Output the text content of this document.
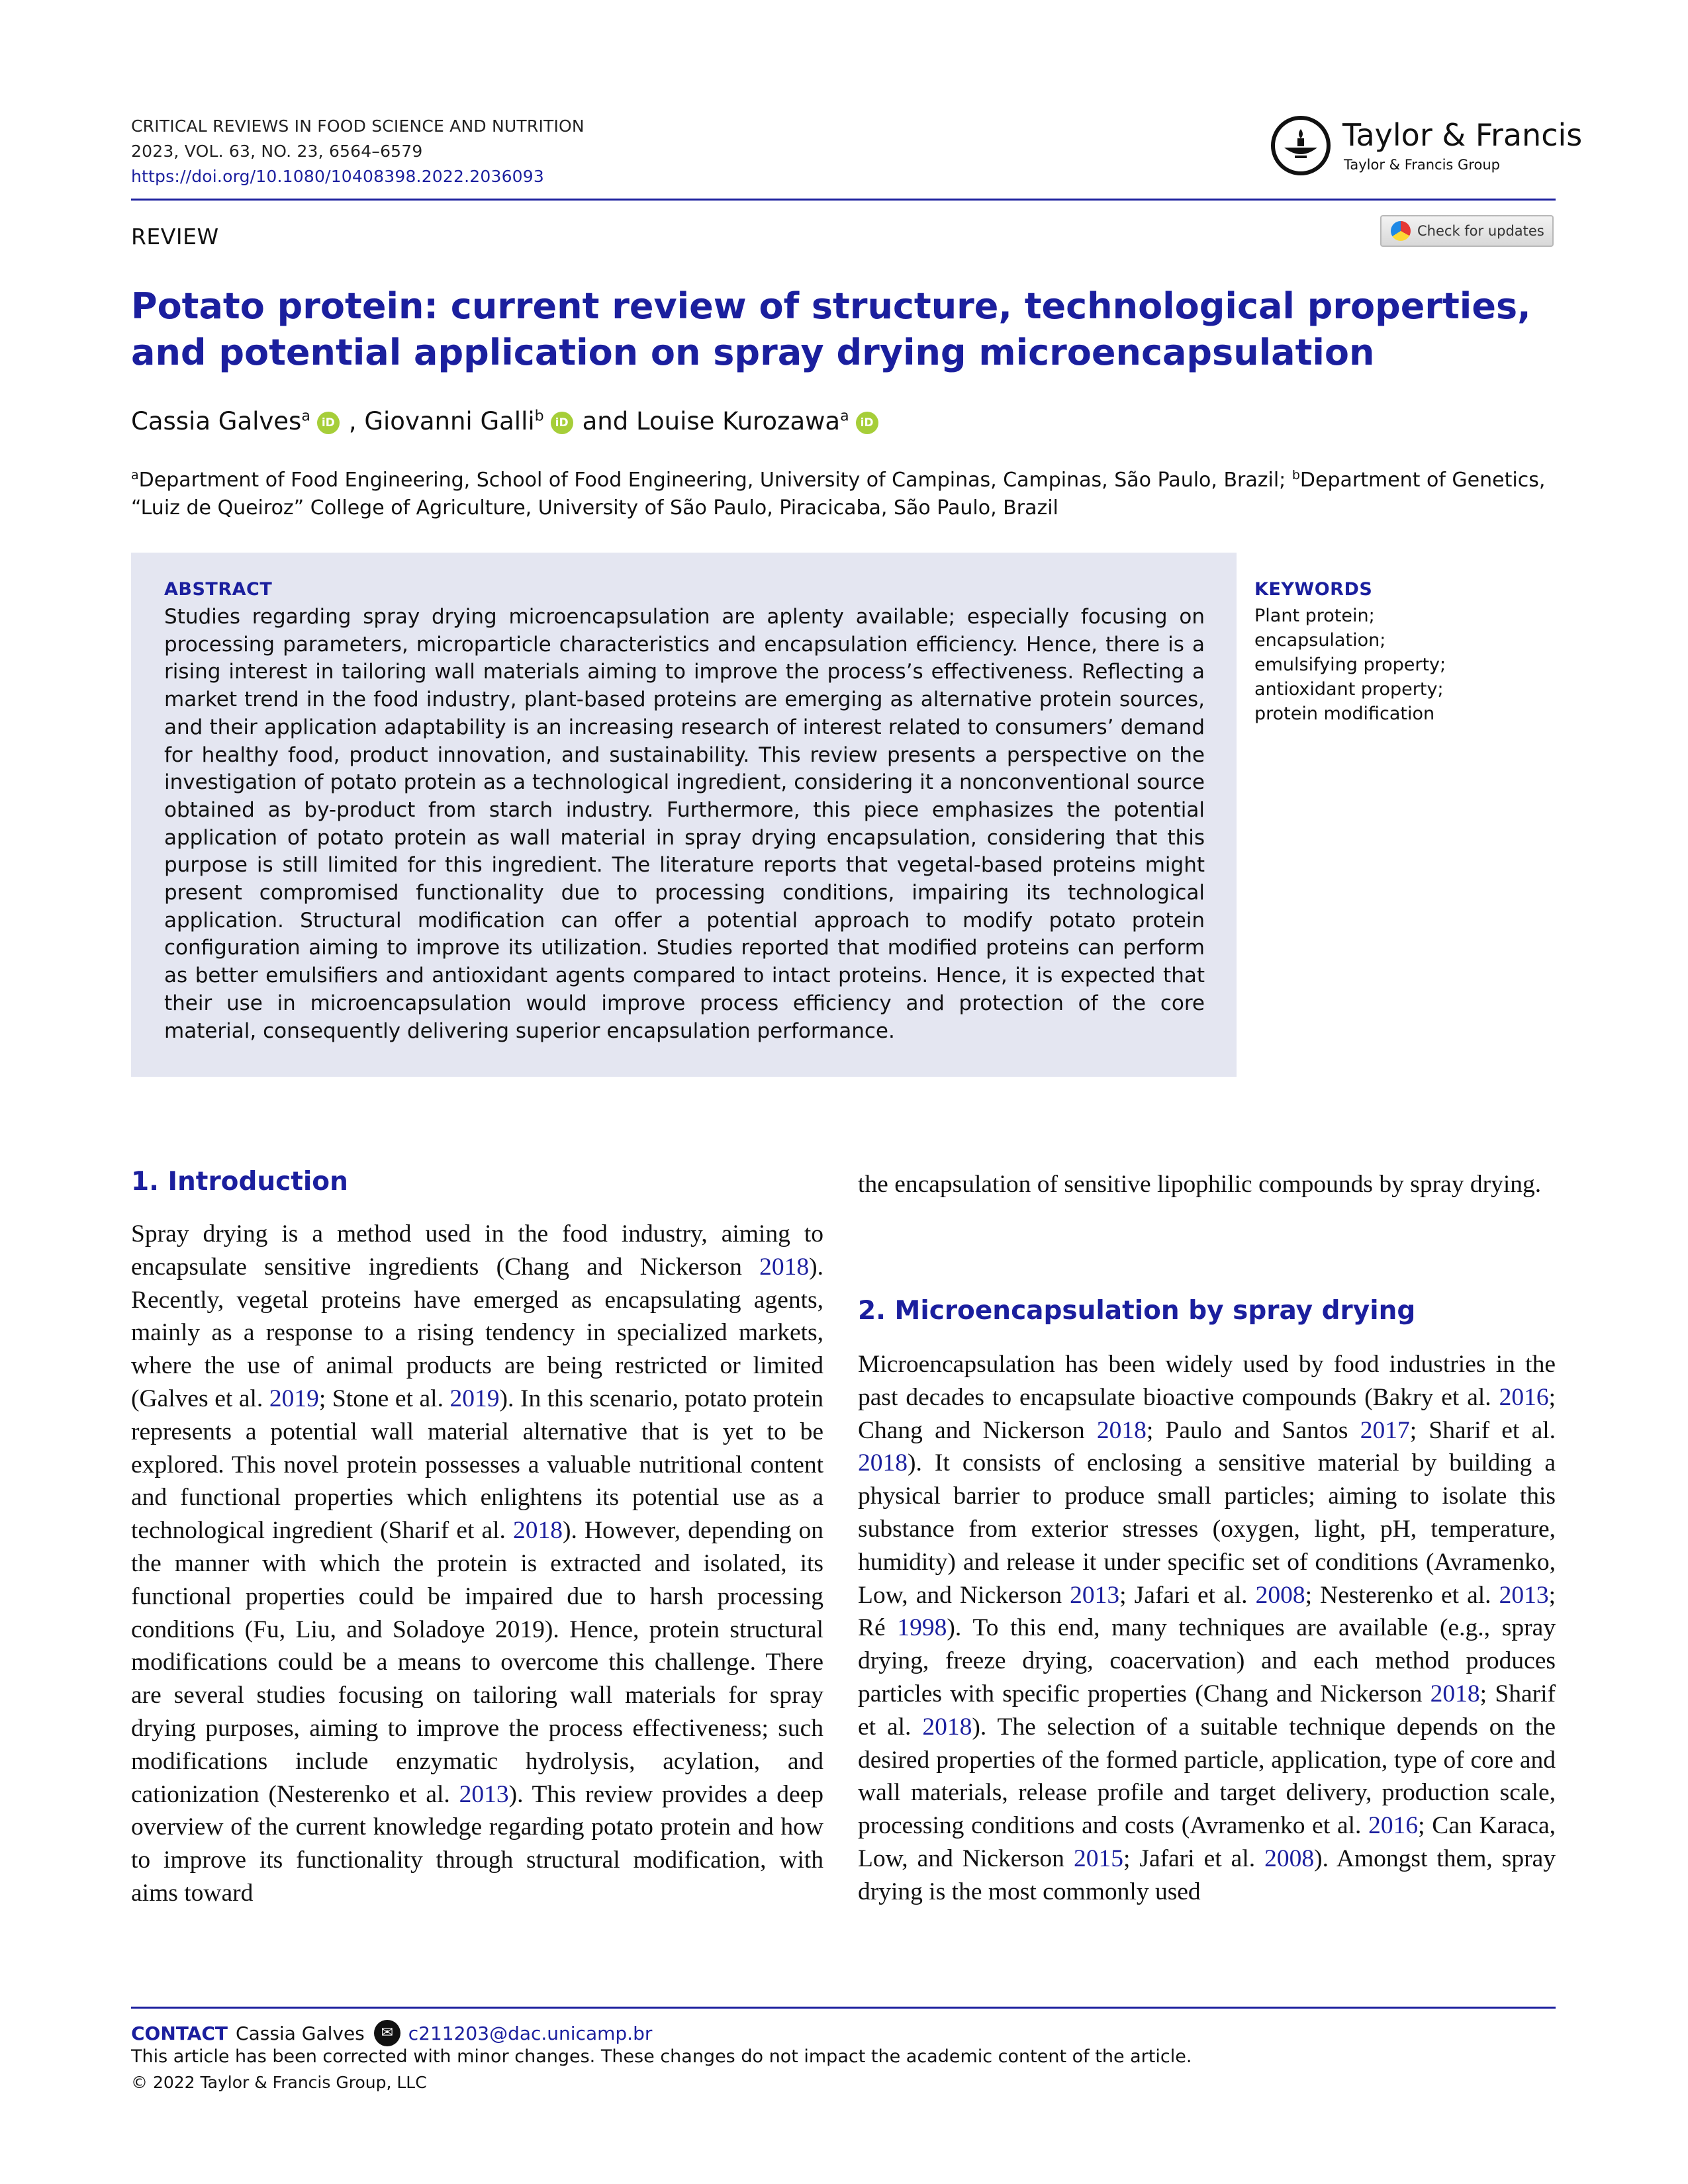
CRITICAL REVIEWS IN FOOD SCIENCE AND NUTRITION
2023, VOL. 63, NO. 23, 6564–6579
https://doi.org/10.1080/10408398.2022.2036093
Taylor & Francis
Taylor & Francis Group
REVIEW	Check for updates
Potato protein: current review of structure, technological properties, and potential application on spray drying microencapsulation
Cassia Galves$^a$ iD , Giovanni Galli$^b$ iD and Louise Kurozawa$^a$ iD
$^a$Department of Food Engineering, School of Food Engineering, University of Campinas, Campinas, São Paulo, Brazil; $^b$Department of Genetics, “Luiz de Queiroz” College of Agriculture, University of São Paulo, Piracicaba, São Paulo, Brazil
ABSTRACT
Studies regarding spray drying microencapsulation are aplenty available; especially focusing on processing parameters, microparticle characteristics and encapsulation efficiency. Hence, there is a rising interest in tailoring wall materials aiming to improve the process’s effectiveness. Reflecting a market trend in the food industry, plant-based proteins are emerging as alternative protein sources, and their application adaptability is an increasing research of interest related to consumers’ demand for healthy food, product innovation, and sustainability. This review presents a perspective on the investigation of potato protein as a technological ingredient, considering it a nonconventional source obtained as by-product from starch industry. Furthermore, this piece emphasizes the potential application of potato protein as wall material in spray drying encapsulation, considering that this purpose is still limited for this ingredient. The literature reports that vegetal-based proteins might present compromised functionality due to processing conditions, impairing its technological application. Structural modification can offer a potential approach to modify potato protein configuration aiming to improve its utilization. Studies reported that modified proteins can perform as better emulsifiers and antioxidant agents compared to intact proteins. Hence, it is expected that their use in microencapsulation would improve process efficiency and protection of the core material, consequently delivering superior encapsulation performance.
KEYWORDS
Plant protein;
encapsulation;
emulsifying property;
antioxidant property;
protein modification
1. Introduction
Spray drying is a method used in the food industry, aiming to encapsulate sensitive ingredients (Chang and Nickerson 2018). Recently, vegetal proteins have emerged as encapsulating agents, mainly as a response to a rising tendency in specialized markets, where the use of animal products are being restricted or limited (Galves et al. 2019; Stone et al. 2019). In this scenario, potato protein represents a potential wall material alternative that is yet to be explored. This novel protein possesses a valuable nutritional content and functional properties which enlightens its potential use as a technological ingredient (Sharif et al. 2018). However, depending on the manner with which the protein is extracted and isolated, its functional properties could be impaired due to harsh processing conditions (Fu, Liu, and Soladoye 2019). Hence, protein structural modifications could be a means to overcome this challenge. There are several studies focusing on tailoring wall materials for spray drying purposes, aiming to improve the process effectiveness; such modifications include enzymatic hydrolysis, acylation, and cationization (Nesterenko et al. 2013). This review provides a deep overview of the current knowledge regarding potato protein and how to improve its functionality through structural modification, with aims toward
the encapsulation of sensitive lipophilic compounds by spray drying.
2. Microencapsulation by spray drying
Microencapsulation has been widely used by food industries in the past decades to encapsulate bioactive compounds (Bakry et al. 2016; Chang and Nickerson 2018; Paulo and Santos 2017; Sharif et al. 2018). It consists of enclosing a sensitive material by building a physical barrier to produce small particles; aiming to isolate this substance from exterior stresses (oxygen, light, pH, temperature, humidity) and release it under specific set of conditions (Avramenko, Low, and Nickerson 2013; Jafari et al. 2008; Nesterenko et al. 2013; Ré 1998). To this end, many techniques are available (e.g., spray drying, freeze drying, coacervation) and each method produces particles with specific properties (Chang and Nickerson 2018; Sharif et al. 2018). The selection of a suitable technique depends on the desired properties of the formed particle, application, type of core and wall materials, release profile and target delivery, production scale, processing conditions and costs (Avramenko et al. 2016; Can Karaca, Low, and Nickerson 2015; Jafari et al. 2008). Amongst them, spray drying is the most commonly used
CONTACT Cassia Galves	✉ c211203@dac.unicamp.br
This article has been corrected with minor changes. These changes do not impact the academic content of the article.
© 2022 Taylor & Francis Group, LLC
